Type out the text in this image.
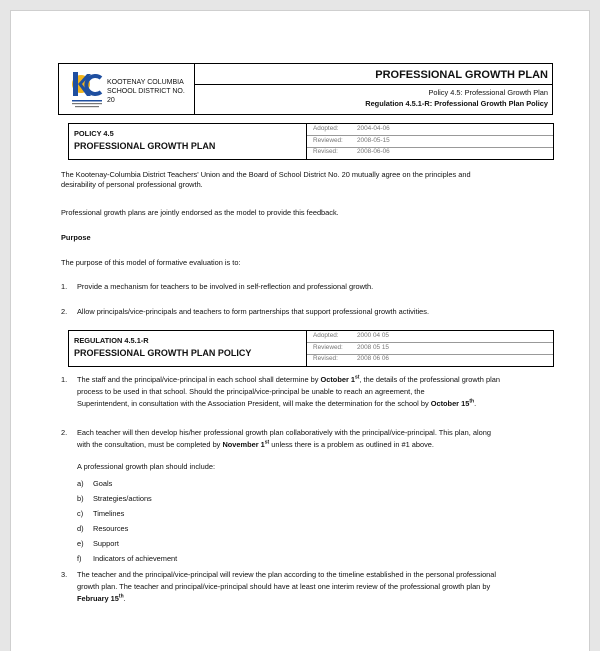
KOOTENAY COLUMBIA
SCHOOL DISTRICT NO. 20
PROFESSIONAL GROWTH PLAN
Policy 4.5: Professional Growth Plan
Regulation 4.5.1-R: Professional Growth Plan Policy
POLICY 4.5
PROFESSIONAL GROWTH PLAN
Adopted:	2004-04-06
Reviewed: 2008-05-15
Revised:	2008-06-06
The Kootenay-Columbia District Teachers' Union and the Board of School District No. 20 mutually agree on the principles and
desirability of personal professional growth.
Professional growth plans are jointly endorsed as the model to provide this feedback.
Purpose
The purpose of this model of formative evaluation is to:
1. Provide a mechanism for teachers to be involved in self-reflection and professional growth.
2. Allow principals/vice-principals and teachers to form partnerships that support professional growth activities.
REGULATION 4.5.1-R
PROFESSIONAL GROWTH PLAN POLICY
Adopted:	2000 04 05
Reviewed: 2008 05 15
Revised:	2008 06 06
1. The staff and the principal/vice-principal in each school shall determine by October 1st, the details of the professional growth plan
process to be used in that school. Should the principal/vice-principal be unable to reach an agreement, the
Superintendent, in consultation with the Association President, will make the determination for the school by October 15th.
2. Each teacher will then develop his/her professional growth plan collaboratively with the principal/vice-principal. This plan, along
with the consultation, must be completed by November 1st unless there is a problem as outlined in #1 above.
A professional growth plan should include:
a) Goals
b) Strategies/actions
c) Timelines
d) Resources
e) Support
f) Indicators of achievement
3. The teacher and the principal/vice-principal will review the plan according to the timeline established in the personal professional
growth plan. The teacher and principal/vice-principal should have at least one interim review of the professional growth plan by
February 15th.
